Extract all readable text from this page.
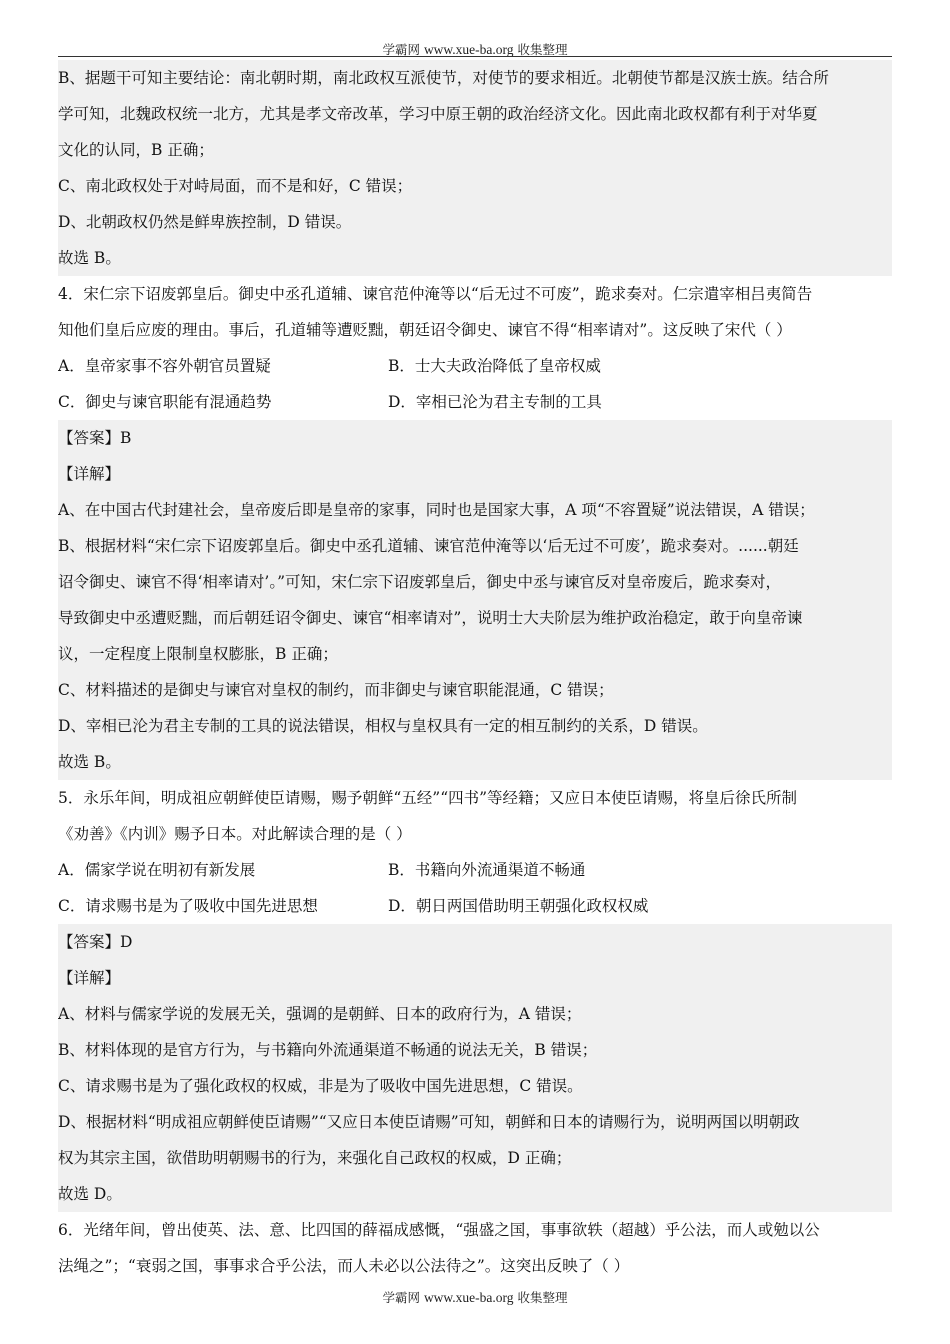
学霸网 www.xue-ba.org 收集整理
B、据题干可知主要结论：南北朝时期，南北政权互派使节，对使节的要求相近。北朝使节都是汉族士族。结合所
学可知，北魏政权统一北方，尤其是孝文帝改革，学习中原王朝的政治经济文化。因此南北政权都有利于对华夏
文化的认同，B 正确；
C、南北政权处于对峙局面，而不是和好，C 错误；
D、北朝政权仍然是鲜卑族控制，D 错误。
故选 B。
4．宋仁宗下诏废郭皇后。御史中丞孔道辅、谏官范仲淹等以“后无过不可废”，跪求奏对。仁宗遣宰相吕夷简告
知他们皇后应废的理由。事后，孔道辅等遭贬黜，朝廷诏令御史、谏官不得“相率请对”。这反映了宋代（ ）
A．皇帝家事不容外朝官员置疑	B．士大夫政治降低了皇帝权威
C．御史与谏官职能有混通趋势	D．宰相已沦为君主专制的工具
【答案】B
【详解】
A、在中国古代封建社会，皇帝废后即是皇帝的家事，同时也是国家大事，A 项“不容置疑”说法错误，A 错误；
B、根据材料“宋仁宗下诏废郭皇后。御史中丞孔道辅、谏官范仲淹等以‘后无过不可废’，跪求奏对。......朝廷
诏令御史、谏官不得‘相率请对’。”可知，宋仁宗下诏废郭皇后，御史中丞与谏官反对皇帝废后，跪求奏对，
导致御史中丞遭贬黜，而后朝廷诏令御史、谏官“相率请对”，说明士大夫阶层为维护政治稳定，敢于向皇帝谏
议，一定程度上限制皇权膨胀，B 正确；
C、材料描述的是御史与谏官对皇权的制约，而非御史与谏官职能混通，C 错误；
D、宰相已沦为君主专制的工具的说法错误，相权与皇权具有一定的相互制约的关系，D 错误。
故选 B。
5．永乐年间，明成祖应朝鲜使臣请赐，赐予朝鲜“五经”“四书”等经籍；又应日本使臣请赐，将皇后徐氏所制
《劝善》《内训》赐予日本。对此解读合理的是（ ）
A．儒家学说在明初有新发展	B．书籍向外流通渠道不畅通
C．请求赐书是为了吸收中国先进思想	D．朝日两国借助明王朝强化政权权威
【答案】D
【详解】
A、材料与儒家学说的发展无关，强调的是朝鲜、日本的政府行为，A 错误；
B、材料体现的是官方行为，与书籍向外流通渠道不畅通的说法无关，B 错误；
C、请求赐书是为了强化政权的权威，非是为了吸收中国先进思想，C 错误。
D、根据材料“明成祖应朝鲜使臣请赐”“又应日本使臣请赐”可知，朝鲜和日本的请赐行为，说明两国以明朝政
权为其宗主国，欲借助明朝赐书的行为，来强化自己政权的权威，D 正确；
故选 D。
6．光绪年间，曾出使英、法、意、比四国的薛福成感慨，“强盛之国，事事欲轶（超越）乎公法，而人或勉以公
法绳之”；“衰弱之国，事事求合乎公法，而人未必以公法待之”。这突出反映了（ ）
学霸网 www.xue-ba.org 收集整理
